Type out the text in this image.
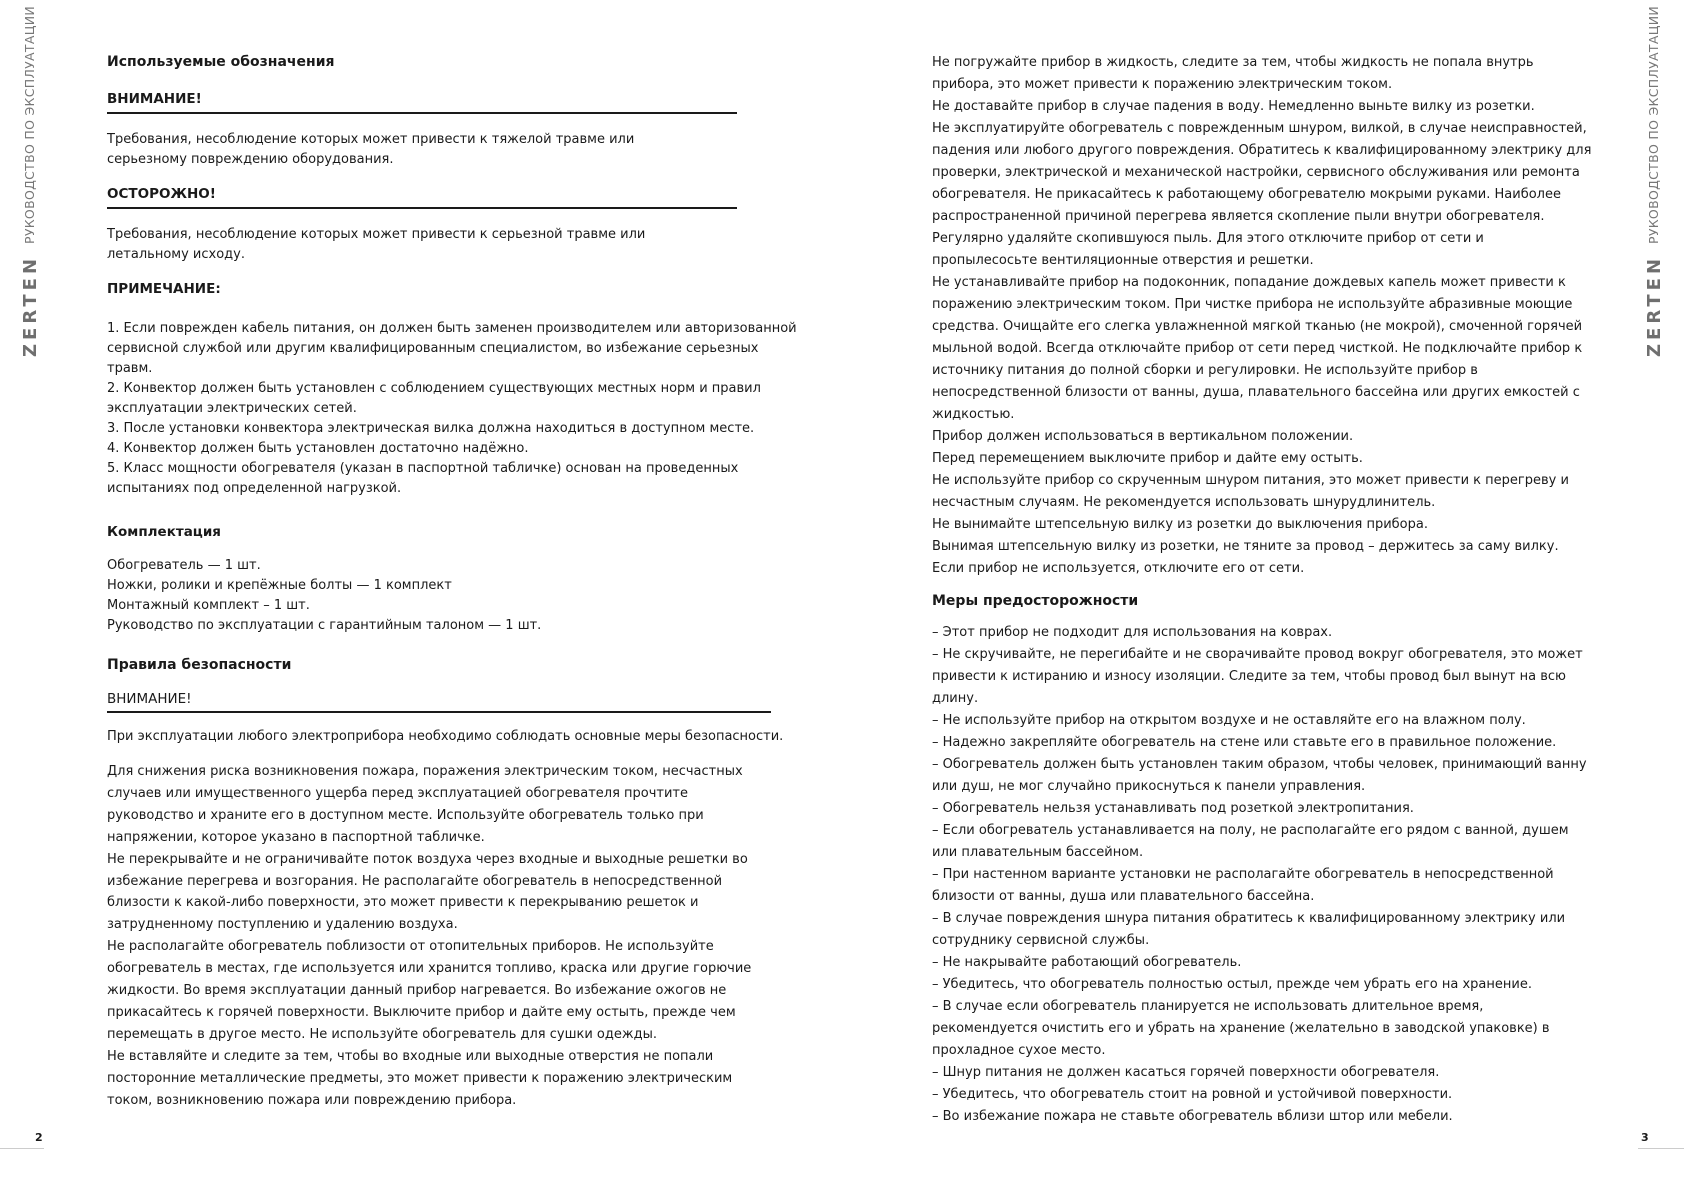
РУКОВОДСТВО ПО ЭКСПЛУАТАЦИИ
ZERTEN
РУКОВОДСТВО ПО ЭКСПЛУАТАЦИИ
ZERTEN
2	3
Используемые обозначения

ВНИМАНИЕ!

Требования, несоблюдение которых может привести к тяжелой травме или серьезному повреждению оборудования.

ОСТОРОЖНО!

Требования, несоблюдение которых может привести к серьезной травме или летальному исходу.

ПРИМЕЧАНИЕ:

1. Если поврежден кабель питания, он должен быть заменен производителем или авторизованной сервисной службой или другим квалифицированным специалистом, во избежание серьезных травм.
2. Конвектор должен быть установлен с соблюдением существующих местных норм и правил эксплуатации электрических сетей.
3. После установки конвектора электрическая вилка должна находиться в доступном месте.
4. Конвектор должен быть установлен достаточно надёжно.
5. Класс мощности обогревателя (указан в паспортной табличке) основан на проведенных испытаниях под определенной нагрузкой.
Комплектация
Обогреватель — 1 шт.
Ножки, ролики и крепёжные болты — 1 комплект
Монтажный комплект – 1 шт.
Руководство по эксплуатации с гарантийным талоном — 1 шт.
Правила безопасности

ВНИМАНИЕ!

При эксплуатации любого электроприбора необходимо соблюдать основные меры безопасности.

Для снижения риска возникновения пожара, поражения электрическим током, несчастных случаев или имущественного ущерба перед эксплуатацией обогревателя прочтите руководство и храните его в доступном месте. Используйте обогреватель только при напряжении, которое указано в паспортной табличке.

Не перекрывайте и не ограничивайте поток воздуха через входные и выходные решетки во избежание перегрева и возгорания. Не располагайте обогреватель в непосредственной близости к какой-либо поверхности, это может привести к перекрыванию решеток и затрудненному поступлению и удалению воздуха.

Не располагайте обогреватель поблизости от отопительных приборов. Не используйте обогреватель в местах, где используется или хранится топливо, краска или другие горючие жидкости. Во время эксплуатации данный прибор нагревается. Во избежание ожогов не прикасайтесь к горячей поверхности. Выключите прибор и дайте ему остыть, прежде чем перемещать в другое место. Не используйте обогреватель для сушки одежды.

Не вставляйте и следите за тем, чтобы во входные или выходные отверстия не попали посторонние металлические предметы, это может привести к поражению электрическим током, возникновению пожара или повреждению прибора.

Не погружайте прибор в жидкость, следите за тем, чтобы жидкость не попала внутрь прибора, это может привести к поражению электрическим током.

Не доставайте прибор в случае падения в воду. Немедленно выньте вилку из розетки.

Не эксплуатируйте обогреватель с поврежденным шнуром, вилкой, в случае неисправностей, падения или любого другого повреждения. Обратитесь к квалифицированному электрику для проверки, электрической и механической настройки, сервисного обслуживания или ремонта обогревателя. Не прикасайтесь к работающему обогревателю мокрыми руками. Наиболее распространенной причиной перегрева является скопление пыли внутри обогревателя. Регулярно удаляйте скопившуюся пыль. Для этого отключите прибор от сети и пропылесосьте вентиляционные отверстия и решетки.

Не устанавливайте прибор на подоконник, попадание дождевых капель может привести к поражению электрическим током. При чистке прибора не используйте абразивные моющие средства. Очищайте его слегка увлажненной мягкой тканью (не мокрой), смоченной горячей мыльной водой. Всегда отключайте прибор от сети перед чисткой. Не подключайте прибор к источнику питания до полной сборки и регулировки. Не используйте прибор в непосредственной близости от ванны, душа, плавательного бассейна или других емкостей с жидкостью.

Прибор должен использоваться в вертикальном положении.

Перед перемещением выключите прибор и дайте ему остыть.

Не используйте прибор со скрученным шнуром питания, это может привести к перегреву и несчастным случаям. Не рекомендуется использовать шнурудлинитель.

Не вынимайте штепсельную вилку из розетки до выключения прибора.

Вынимая штепсельную вилку из розетки, не тяните за провод – держитесь за саму вилку.

Если прибор не используется, отключите его от сети.

Меры предосторожности
– Этот прибор не подходит для использования на коврах.
– Не скручивайте, не перегибайте и не сворачивайте провод вокруг обогревателя, это может привести к истиранию и износу изоляции. Следите за тем, чтобы провод был вынут на всю длину.
– Не используйте прибор на открытом воздухе и не оставляйте его на влажном полу.
– Надежно закрепляйте обогреватель на стене или ставьте его в правильное положение.
– Обогреватель должен быть установлен таким образом, чтобы человек, принимающий ванну или душ, не мог случайно прикоснуться к панели управления.
– Обогреватель нельзя устанавливать под розеткой электропитания.
– Если обогреватель устанавливается на полу, не располагайте его рядом с ванной, душем или плавательным бассейном.
– При настенном варианте установки не располагайте обогреватель в непосредственной близости от ванны, душа или плавательного бассейна.
– В случае повреждения шнура питания обратитесь к квалифицированному электрику или сотруднику сервисной службы.
– Не накрывайте работающий обогреватель.
– Убедитесь, что обогреватель полностью остыл, прежде чем убрать его на хранение.
– В случае если обогреватель планируется не использовать длительное время, рекомендуется очистить его и убрать на хранение (желательно в заводской упаковке) в прохладное сухое место.
– Шнур питания не должен касаться горячей поверхности обогревателя.
– Убедитесь, что обогреватель стоит на ровной и устойчивой поверхности.
– Во избежание пожара не ставьте обогреватель вблизи штор или мебели.
